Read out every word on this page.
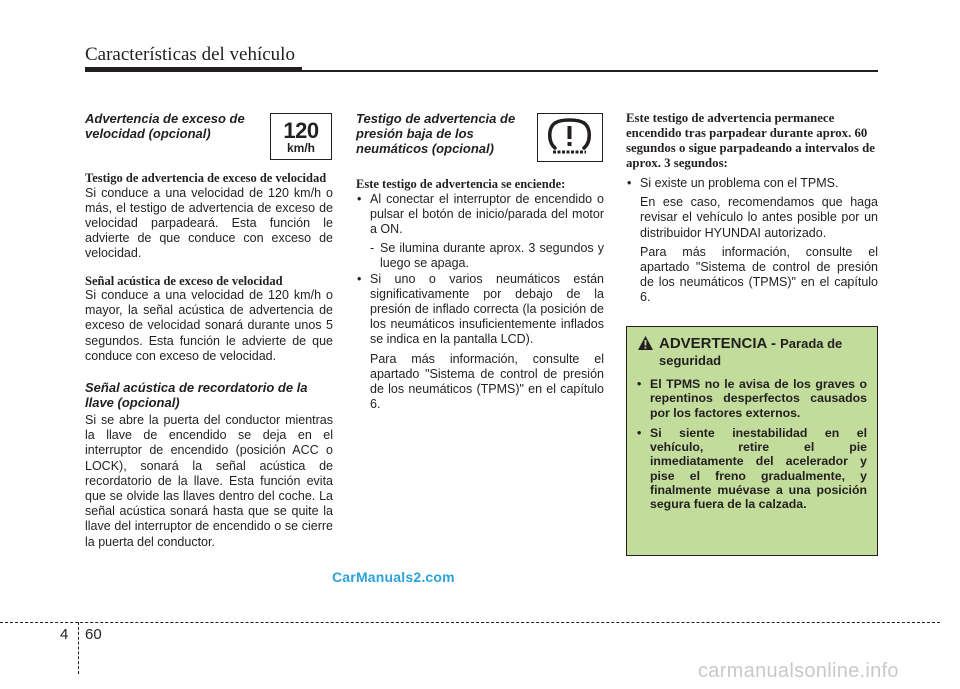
Características del vehículo
Advertencia de exceso de velocidad (opcional)
Testigo de advertencia de exceso de velocidad

Si conduce a una velocidad de 120 km/h o más, el testigo de advertencia de exceso de velocidad parpadeará. Esta función le advierte de que conduce con exceso de velocidad.

Señal acústica de exceso de velocidad

Si conduce a una velocidad de 120 km/h o mayor, la señal acústica de advertencia de exceso de velocidad sonará durante unos 5 segundos. Esta función le advierte de que conduce con exceso de velocidad.

Señal acústica de recordatorio de la llave (opcional)

Si se abre la puerta del conductor mientras la llave de encendido se deja en el interruptor de encendido (posición ACC o LOCK), sonará la señal acústica de recordatorio de la llave. Esta función evita que se olvide las llaves dentro del coche. La señal acústica sonará hasta que se quite la llave del interruptor de encendido o se cierre la puerta del conductor.

120
km/h
Testigo de advertencia de presión baja de los neumáticos (opcional)
Este testigo de advertencia se enciende:
• Al conectar el interruptor de encendido o pulsar el botón de inicio/parada del motor a ON.
- Se ilumina durante aprox. 3 segundos y luego se apaga.
• Si uno o varios neumáticos están significativamente por debajo de la presión de inflado correcta (la posición de los neumáticos insuficientemente inflados se indica en la pantalla LCD).
Para más información, consulte el apartado "Sistema de control de presión de los neumáticos (TPMS)" en el capítulo 6.
Este testigo de advertencia permanece encendido tras parpadear durante aprox. 60 segundos o sigue parpadeando a intervalos de aprox. 3 segundos:
• Si existe un problema con el TPMS.
En ese caso, recomendamos que haga revisar el vehículo lo antes posible por un distribuidor HYUNDAI autorizado.
Para más información, consulte el apartado "Sistema de control de presión de los neumáticos (TPMS)" en el capítulo 6.
ADVERTENCIA - Parada de seguridad
• El TPMS no le avisa de los graves o repentinos desperfectos causados por los factores externos.
• Si siente inestabilidad en el vehículo, retire el pie inmediatamente del acelerador y pise el freno gradualmente, y finalmente muévase a una posición segura fuera de la calzada.
CarManuals2.com
4 60
carmanualsonline.info
